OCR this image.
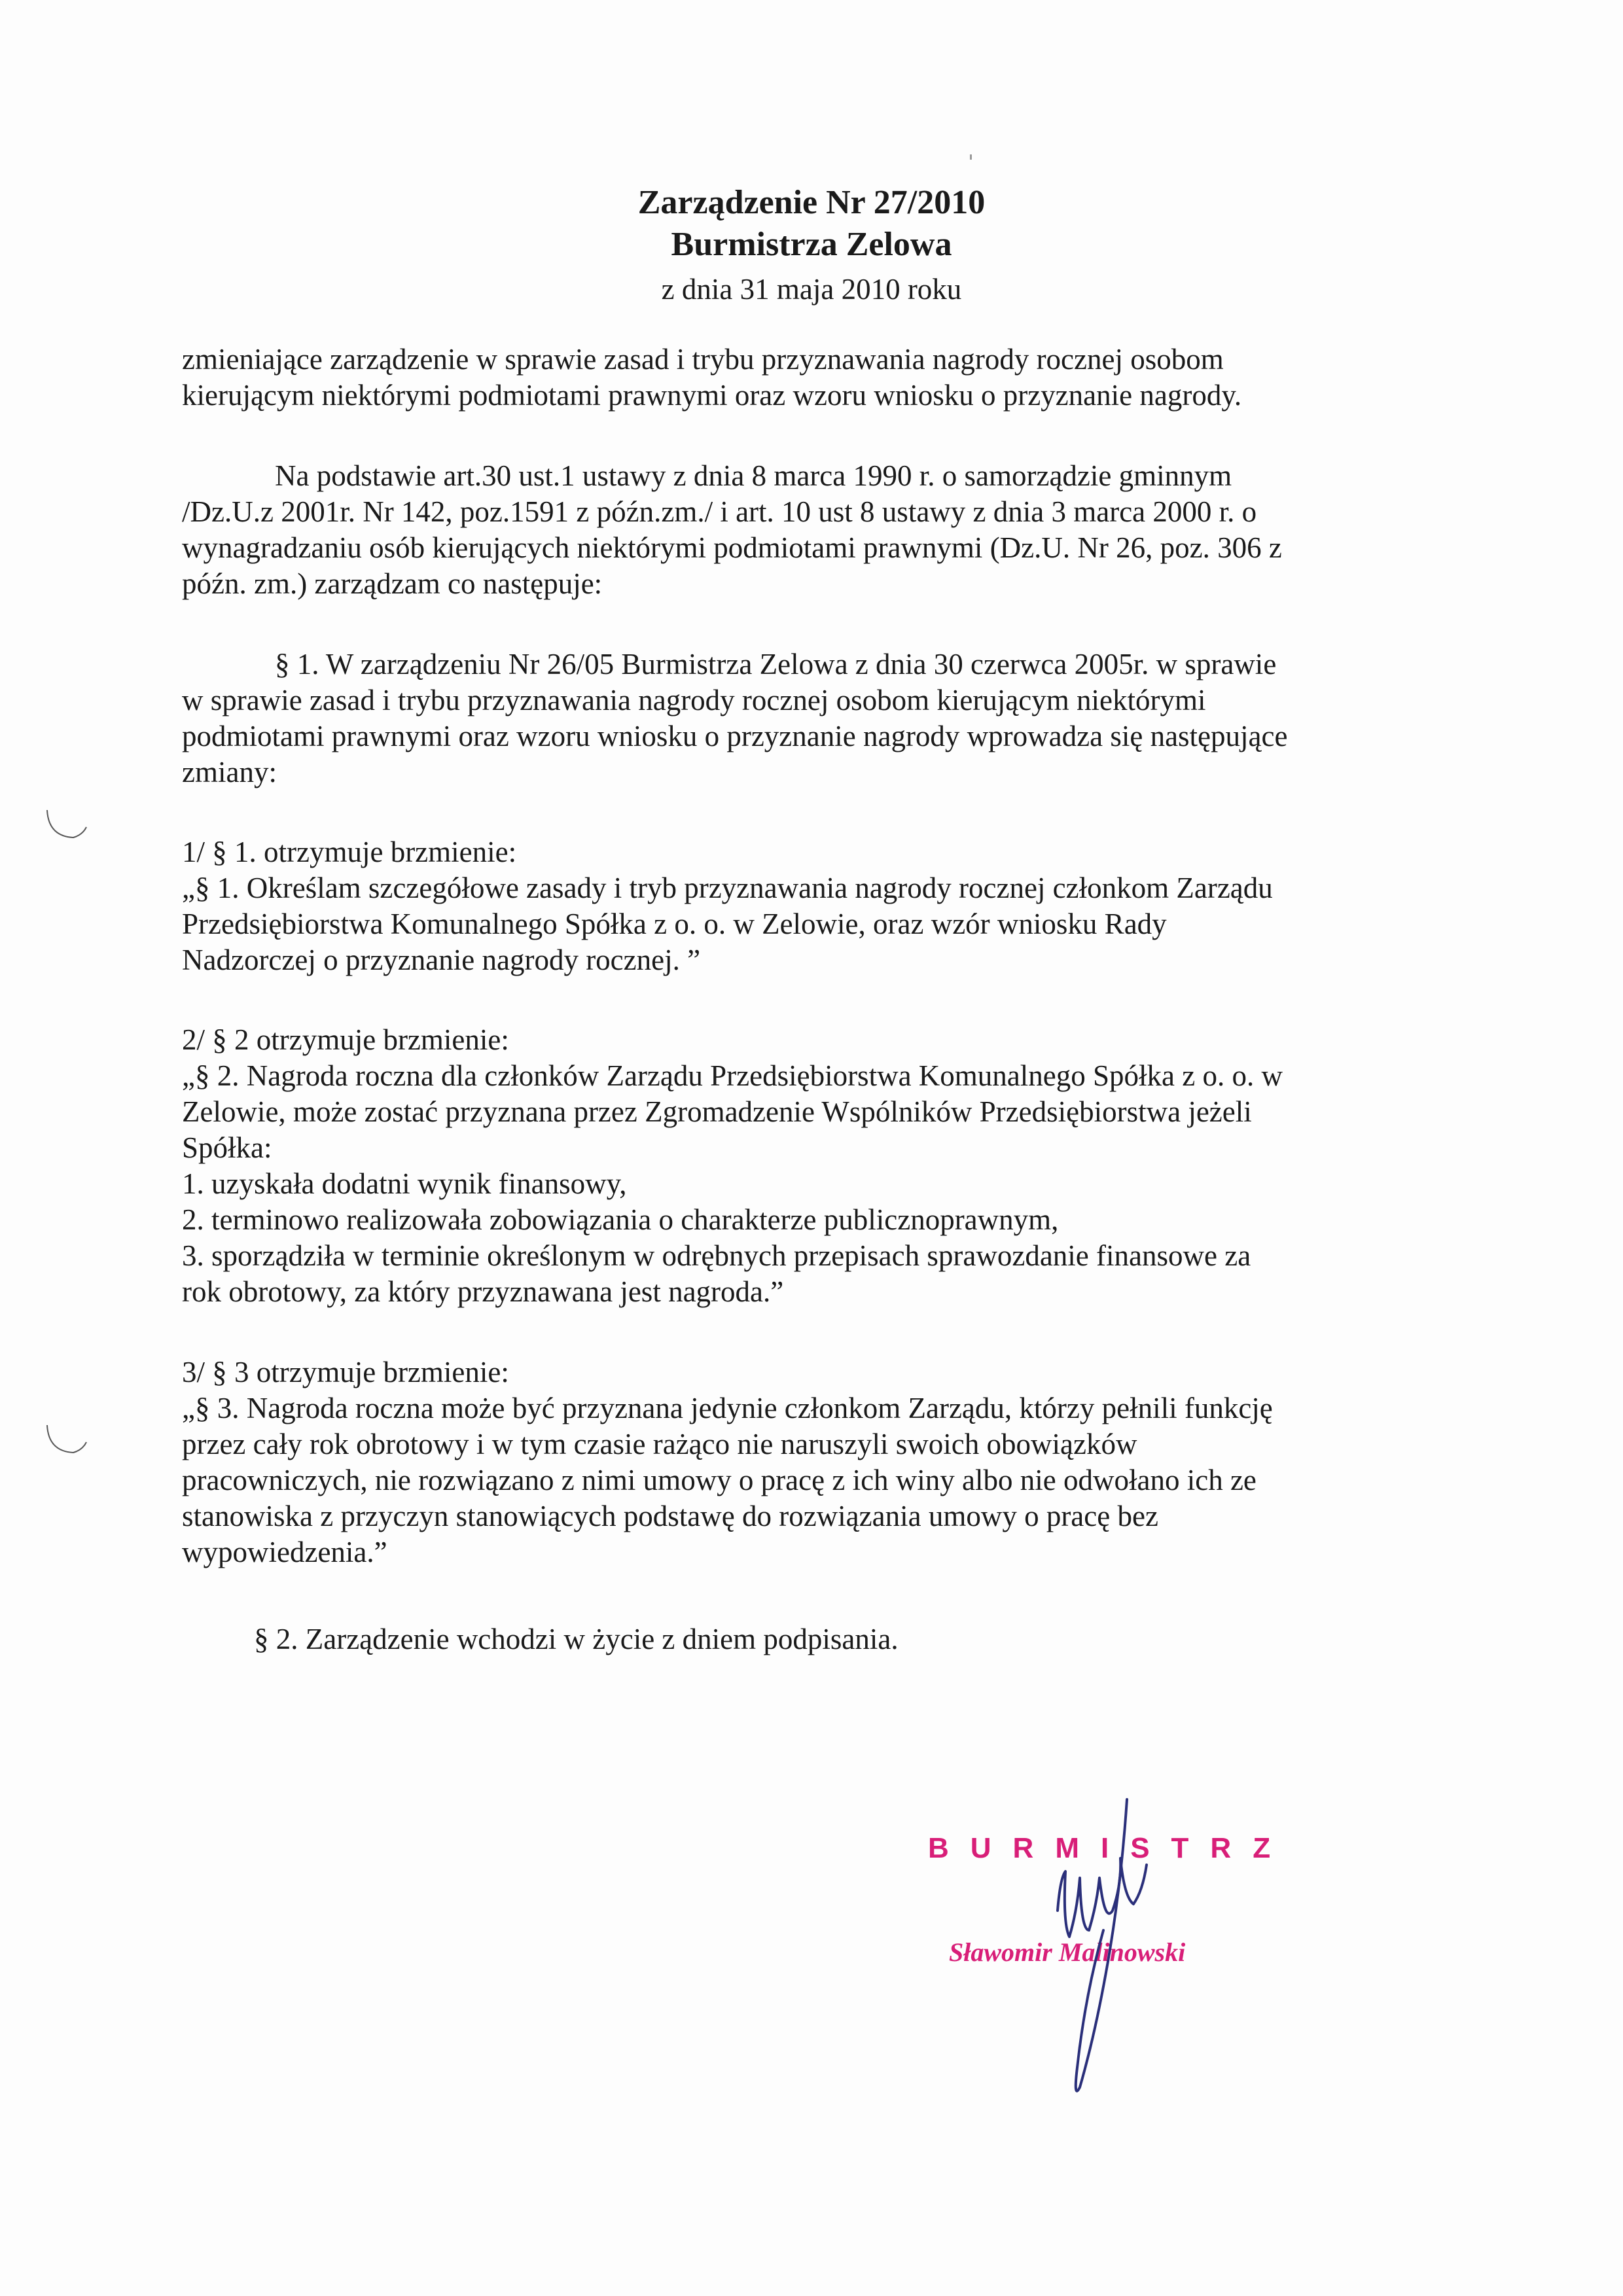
Zarządzenie Nr 27/2010
Burmistrza Zelowa
z dnia 31 maja 2010 roku
zmieniające zarządzenie w sprawie zasad i trybu przyznawania nagrody rocznej osobom
kierującym niektórymi podmiotami prawnymi oraz wzoru wniosku o przyznanie nagrody.
Na podstawie art.30 ust.1 ustawy z dnia 8 marca 1990 r. o samorządzie gminnym
/Dz.U.z 2001r. Nr 142, poz.1591 z późn.zm./ i art. 10 ust 8 ustawy z dnia 3 marca 2000 r. o
wynagradzaniu osób kierujących niektórymi podmiotami prawnymi (Dz.U. Nr 26, poz. 306 z
późn. zm.) zarządzam co następuje:
§ 1. W zarządzeniu Nr 26/05 Burmistrza Zelowa z dnia 30 czerwca 2005r. w sprawie
w sprawie zasad i trybu przyznawania nagrody rocznej osobom kierującym niektórymi
podmiotami prawnymi oraz wzoru wniosku o przyznanie nagrody wprowadza się następujące
zmiany:
1/ § 1. otrzymuje brzmienie:
„§ 1. Określam szczegółowe zasady i tryb przyznawania nagrody rocznej członkom Zarządu
Przedsiębiorstwa Komunalnego Spółka z o. o. w Zelowie, oraz wzór wniosku Rady
Nadzorczej o przyznanie nagrody rocznej. ”
2/ § 2 otrzymuje brzmienie:
„§ 2. Nagroda roczna dla członków Zarządu Przedsiębiorstwa Komunalnego Spółka z o. o. w
Zelowie, może zostać przyznana przez Zgromadzenie Wspólników Przedsiębiorstwa jeżeli
Spółka:
1. uzyskała dodatni wynik finansowy,
2. terminowo realizowała zobowiązania o charakterze publicznoprawnym,
3. sporządziła w terminie określonym w odrębnych przepisach sprawozdanie finansowe za
rok obrotowy, za który przyznawana jest nagroda.”
3/ § 3 otrzymuje brzmienie:
„§ 3. Nagroda roczna może być przyznana jedynie członkom Zarządu, którzy pełnili funkcję
przez cały rok obrotowy i w tym czasie rażąco nie naruszyli swoich obowiązków
pracowniczych, nie rozwiązano z nimi umowy o pracę z ich winy albo nie odwołano ich ze
stanowiska z przyczyn stanowiących podstawę do rozwiązania umowy o pracę bez
wypowiedzenia.”
§ 2. Zarządzenie wchodzi w życie z dniem podpisania.
BURMISTRZ
Sławomir Malinowski
